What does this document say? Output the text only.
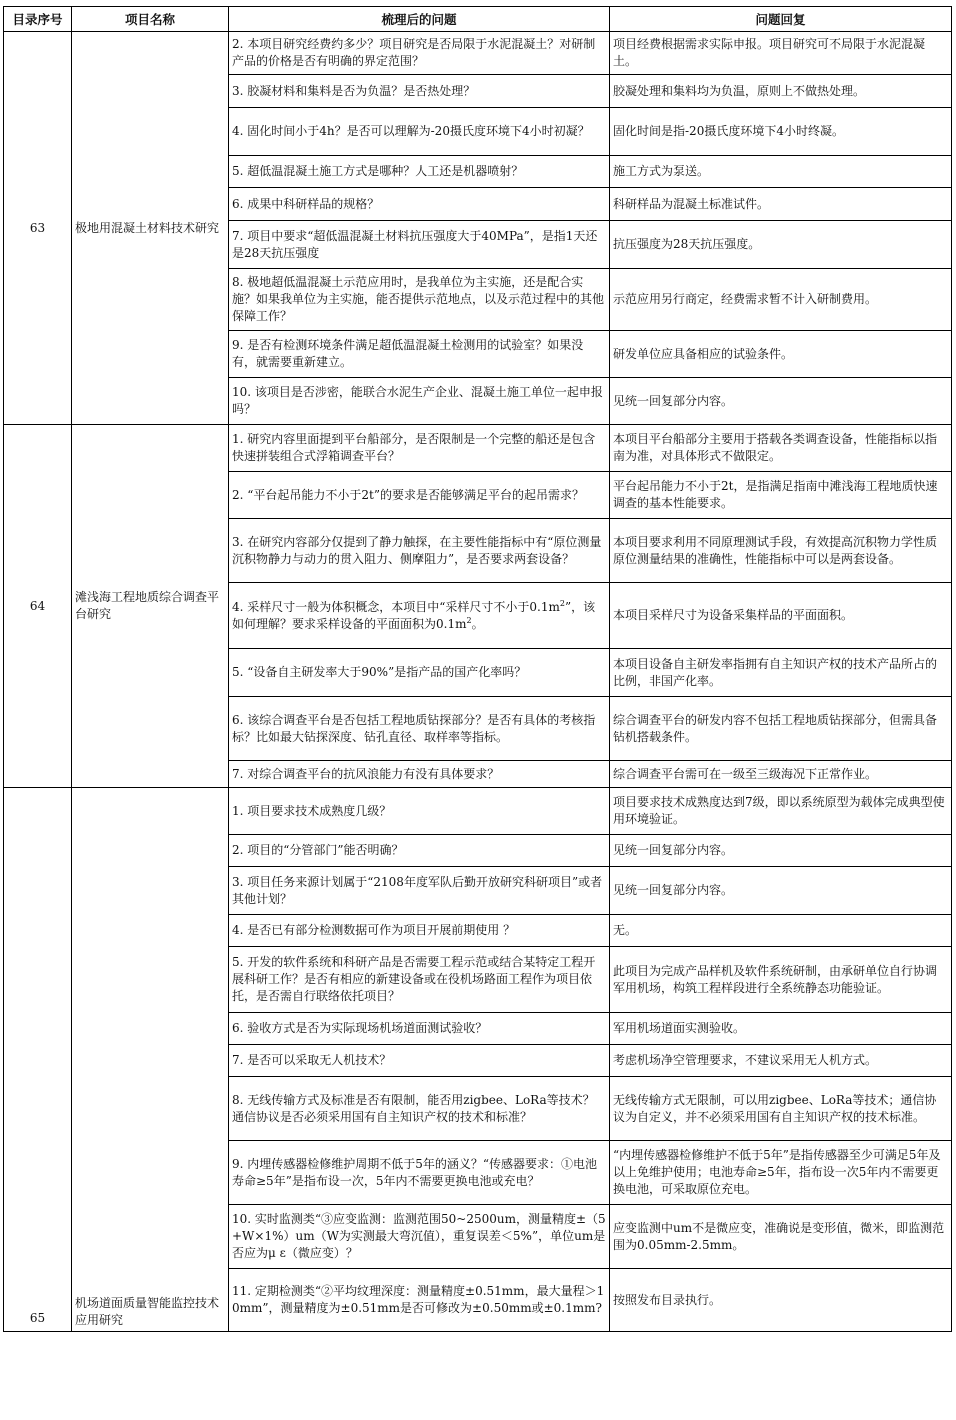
目录序号	项目名称	梳理后的问题	问题回复
63	极地用混凝土材料技术研究	2. 本项目研究经费约多少？项目研究是否局限于水泥混凝土？对研制产品的价格是否有明确的界定范围？	项目经费根据需求实际申报。项目研究可不局限于水泥混凝土。
		3. 胶凝材料和集料是否为负温？是否热处理？	胶凝处理和集料均为负温，原则上不做热处理。
		4. 固化时间小于4h？是否可以理解为-20摄氏度环境下4小时初凝？	固化时间是指-20摄氏度环境下4小时终凝。
		5. 超低温混凝土施工方式是哪种？人工还是机器喷射？	施工方式为泵送。
		6. 成果中科研样品的规格？	科研样品为混凝土标准试件。
		7. 项目中要求“超低温混凝土材料抗压强度大于40MPa”，是指1天还是28天抗压强度	抗压强度为28天抗压强度。
		8. 极地超低温混凝土示范应用时，是我单位为主实施，还是配合实施？如果我单位为主实施，能否提供示范地点，以及示范过程中的其他保障工作？	示范应用另行商定，经费需求暂不计入研制费用。
		9. 是否有检测环境条件满足超低温混凝土检测用的试验室？如果没有，就需要重新建立。	研发单位应具备相应的试验条件。
		10. 该项目是否涉密，能联合水泥生产企业、混凝土施工单位一起申报吗？	见统一回复部分内容。
64	滩浅海工程地质综合调查平台研究	1. 研究内容里面提到平台船部分，是否限制是一个完整的船还是包含快速拼装组合式浮箱调查平台？	本项目平台船部分主要用于搭载各类调查设备，性能指标以指南为准，对具体形式不做限定。
		2. “平台起吊能力不小于2t”的要求是否能够满足平台的起吊需求？	平台起吊能力不小于2t，是指满足指南中滩浅海工程地质快速调查的基本性能要求。
		3. 在研究内容部分仅提到了静力触探，在主要性能指标中有“原位测量沉积物静力与动力的贯入阻力、侧摩阻力”，是否要求两套设备？	本项目要求利用不同原理测试手段，有效提高沉积物力学性质原位测量结果的准确性，性能指标中可以是两套设备。
		4. 采样尺寸一般为体积概念，本项目中“采样尺寸不小于$0.1m^2$”，该如何理解？要求采样设备的平面面积为$0.1m^2$。	本项目采样尺寸为设备采集样品的平面面积。
		5. “设备自主研发率大于90%”是指产品的国产化率吗？	本项目设备自主研发率指拥有自主知识产权的技术产品所占的比例，非国产化率。
		6. 该综合调查平台是否包括工程地质钻探部分？是否有具体的考核指标？比如最大钻探深度、钻孔直径、取样率等指标。	综合调查平台的研发内容不包括工程地质钻探部分，但需具备钻机搭载条件。
		7. 对综合调查平台的抗风浪能力有没有具体要求？	综合调查平台需可在一级至三级海况下正常作业。
65	机场道面质量智能监控技术应用研究	1. 项目要求技术成熟度几级？	项目要求技术成熟度达到7级，即以系统原型为载体完成典型使用环境验证。
		2. 项目的“分管部门”能否明确？	见统一回复部分内容。
		3. 项目任务来源计划属于“2108年度军队后勤开放研究科研项目”或者其他计划？	见统一回复部分内容。
		4. 是否已有部分检测数据可作为项目开展前期使用 ？	无。
		5. 开发的软件系统和科研产品是否需要工程示范或结合某特定工程开展科研工作？是否有相应的新建设备或在役机场路面工程作为项目依托，是否需自行联络依托项目？	此项目为完成产品样机及软件系统研制，由承研单位自行协调军用机场，构筑工程样段进行全系统静态功能验证。
		6. 验收方式是否为实际现场机场道面测试验收？	军用机场道面实测验收。
		7. 是否可以采取无人机技术？	考虑机场净空管理要求，不建议采用无人机方式。
		8. 无线传输方式及标准是否有限制，能否用zigbee、LoRa等技术？通信协议是否必须采用国有自主知识产权的技术和标准？	无线传输方式无限制，可以用zigbee、LoRa等技术；通信协议为自定义，并不必须采用国有自主知识产权的技术标准。
		9. 内埋传感器检修维护周期不低于5年的涵义？“传感器要求：①电池寿命≥5年”是指布设一次，5年内不需要更换电池或充电？	“内埋传感器检修维护不低于5年”是指传感器至少可满足5年及以上免维护使用；电池寿命≥5年，指布设一次5年内不需要更换电池，可采取原位充电。
		10. 实时监测类“③应变监测：监测范围50~2500um，测量精度±（5+W×1%）um（W为实测最大弯沉值），重复误差＜5%”，单位um是否应为μ ε（微应变）？	应变监测中um不是微应变，准确说是变形值，微米，即监测范围为0.05mm-2.5mm。
		11. 定期检测类“②平均纹理深度：测量精度±0.51mm，最大量程＞10mm”，测量精度为±0.51mm是否可修改为±0.50mm或±0.1mm?	按照发布目录执行。
